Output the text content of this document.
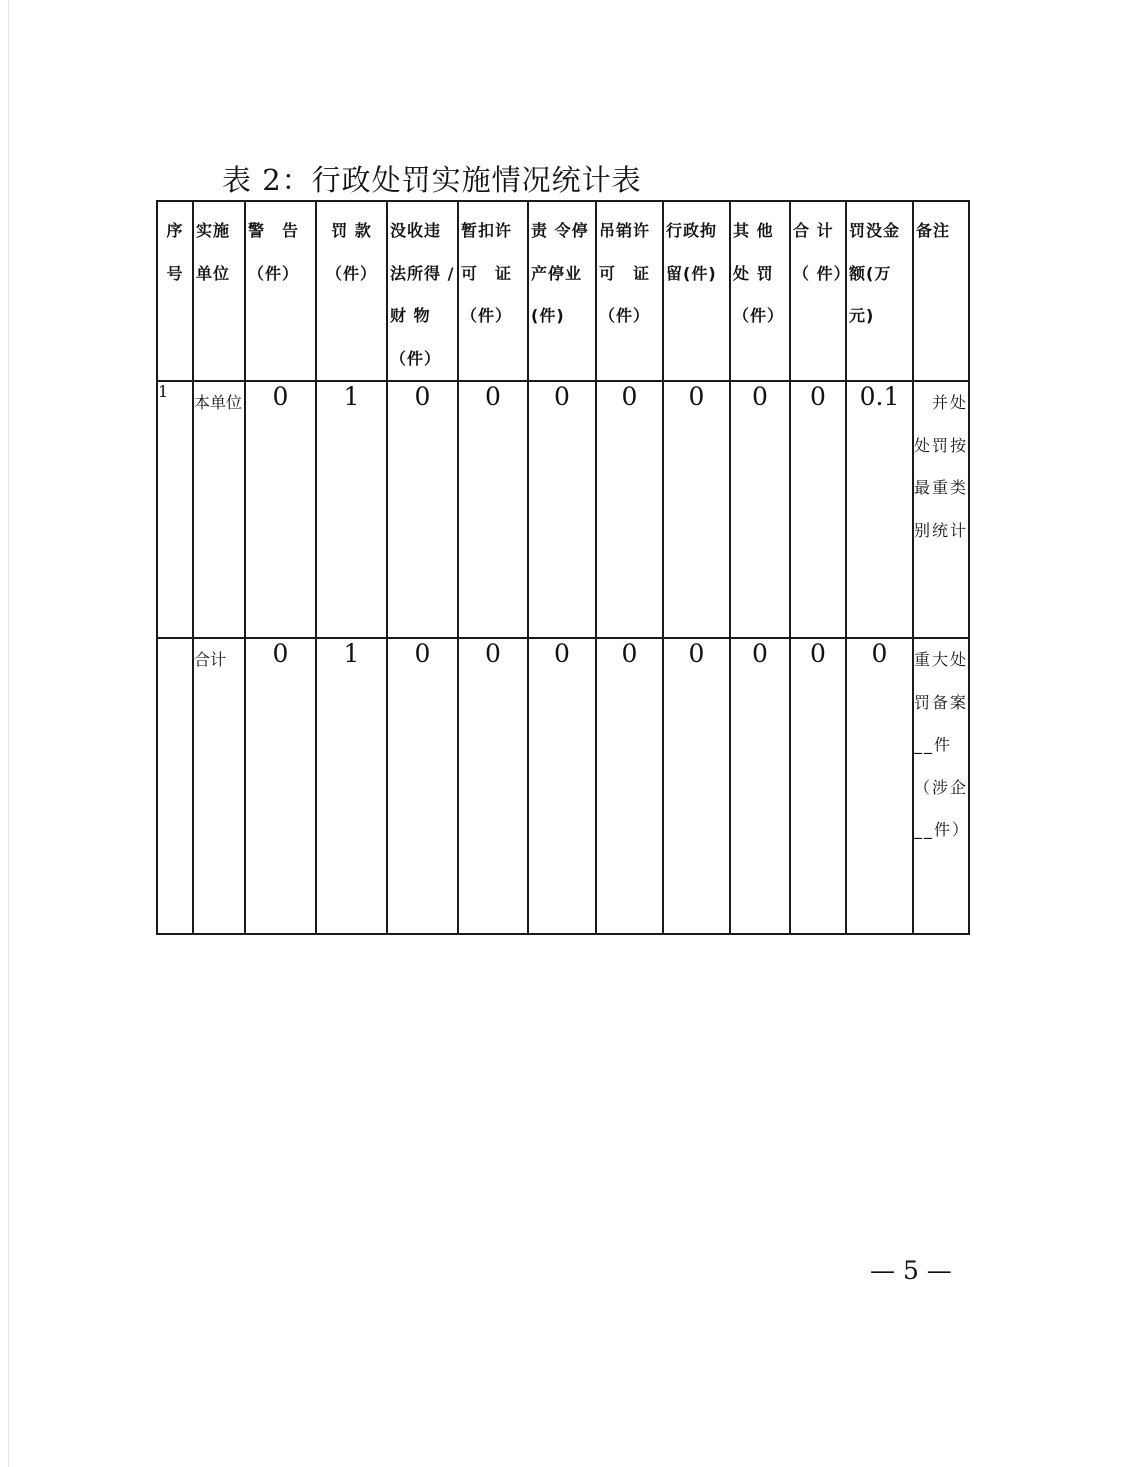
表 2：行政处罚实施情况统计表
序号	实施单位	警　告（件）	罚 款（件）	没收违法所得 / 财 物（件）	暂扣许可　证（件）	责 令停产停业(件)	吊销许可　证（件）	行政拘留(件)	其 他处 罚（件）	合 计（ 件）	罚没金额(万元)	备注

1	本单位	0	1	0	0	0	0	0	0	0	0.1	　并处处罚按最重类别统计
	合计	0	1	0	0	0	0	0	0	0	0	重大处罚备案__件（涉企__件）
— 5 —
